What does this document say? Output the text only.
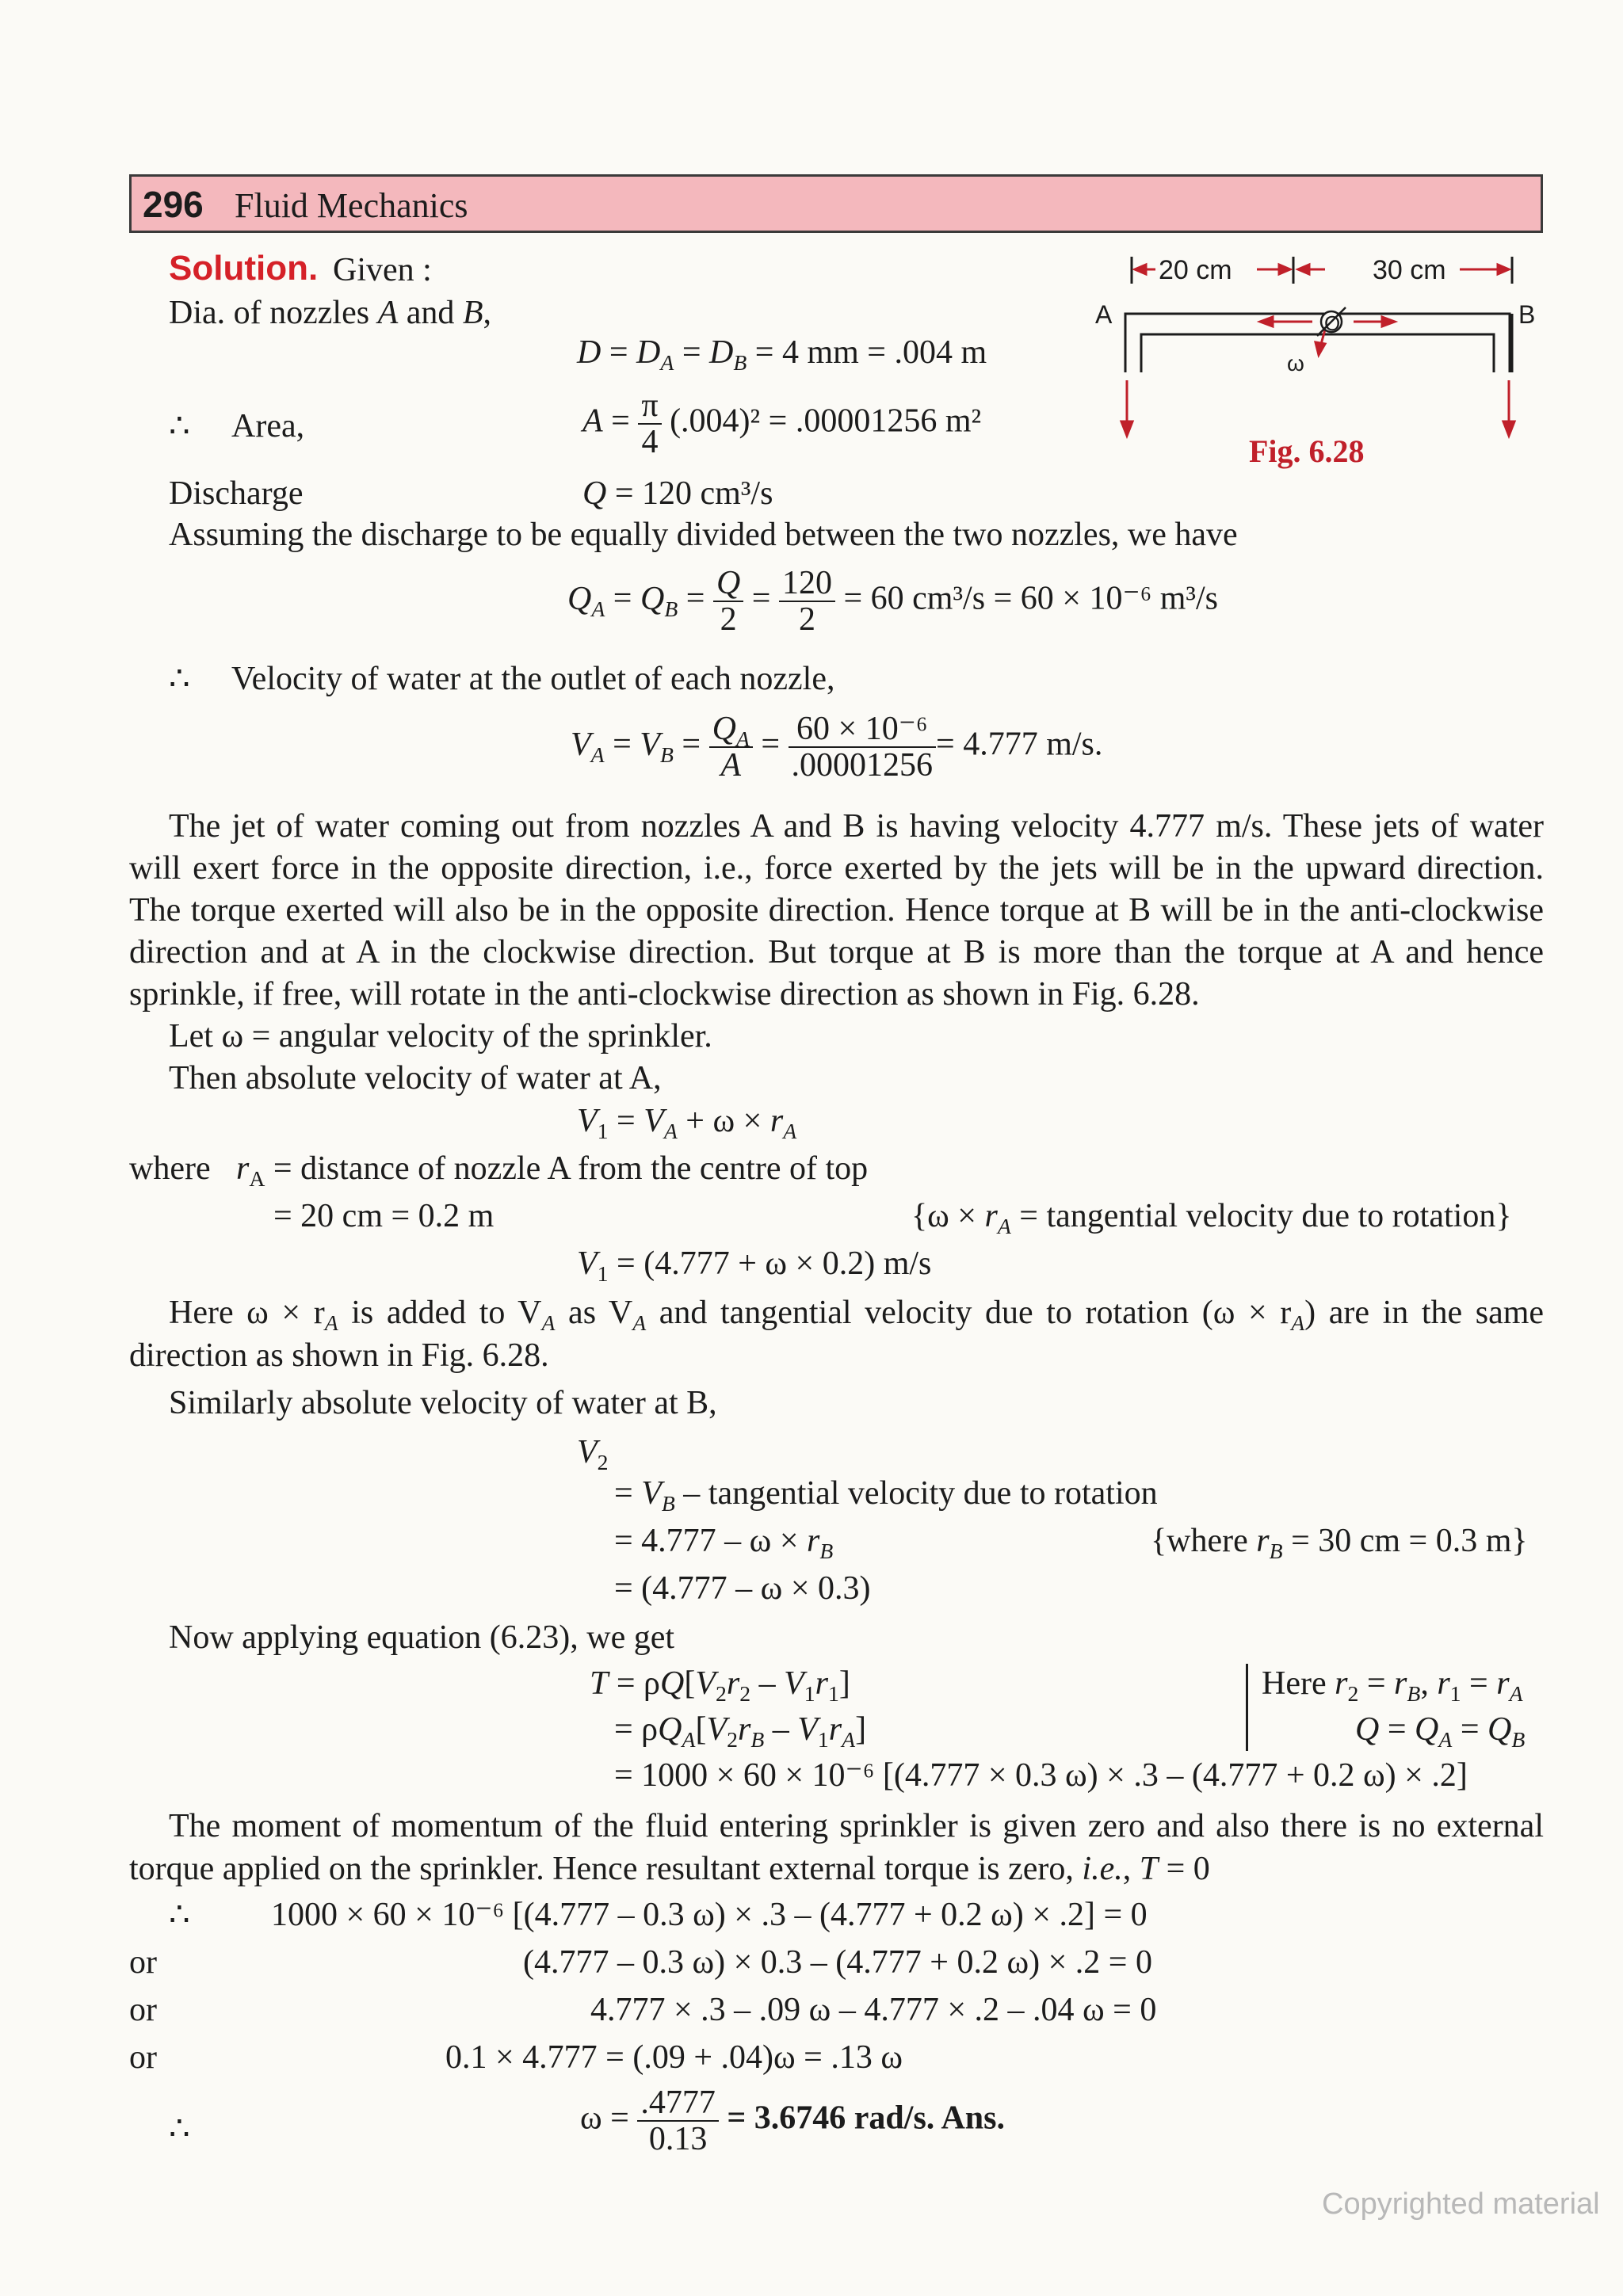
296 Fluid Mechanics
20 cm	30 cm
A	B
O
ω
Fig. 6.28
Solution. Given :
Dia. of nozzles A and B,
$D = D_A = D_B = 4$ mm = .004 m
∴ Area,	$A = \frac{\pi}{4} (.004)^2 = .00001256$ m²
Discharge	Q = 120 cm³/s
Assuming the discharge to be equally divided between the two nozzles, we have
$Q_A = Q_B = \frac{Q}{2} = \frac{120}{2} = 60$ cm³/s = 60 × 10⁻⁶ m³/s
∴ Velocity of water at the outlet of each nozzle,
$V_A = V_B = \frac{Q_A}{A} = \frac{\text{60 × 10⁻⁶}}{.00001256} = 4.777$ m/s.
The jet of water coming out from nozzles A and B is having velocity 4.777 m/s. These jets of water
will exert force in the opposite direction, i.e., force exerted by the jets will be in the upward direction.
The torque exerted will also be in the opposite direction. Hence torque at B will be in the anti-clockwise
direction and at A in the clockwise direction. But torque at B is more than the torque at A and hence
sprinkle, if free, will rotate in the anti-clockwise direction as shown in Fig. 6.28.
Let ω = angular velocity of the sprinkler.
Then absolute velocity of water at A,
$V_1 = V_A + \omega \times r_A$
where $r_A$ = distance of nozzle A from the centre of top
= 20 cm = 0.2 m	{$\omega \times r_A$ = tangential velocity due to rotation}
$V_1 = (4.777 + \omega \times 0.2)$ m/s
Here $\omega \times r_A$ is added to $V_A$ as $V_A$ and tangential velocity due to rotation $(\omega \times r_A)$ are in the same
direction as shown in Fig. 6.28.
Similarly absolute velocity of water at B,
$V_2$
= $V_B$ – tangential velocity due to rotation
= $4.777 - \omega \times r_B$	{where $r_B = 30$ cm = 0.3 m}
= (4.777 – ω × 0.3)
Now applying equation (6.23), we get
$T = \rho Q[V_2r_2 - V_1r_1]$	Here $r_2 = r_B$, $r_1 = r_A$
= $\rho Q_A[V_2r_B - V_1r_A]$	$Q = Q_A = Q_B$
= 1000 × 60 × 10⁻⁶ [(4.777 × 0.3 ω) × .3 – (4.777 + 0.2 ω) × .2]
The moment of momentum of the fluid entering sprinkler is given zero and also there is no external
torque applied on the sprinkler. Hence resultant external torque is zero, i.e., T = 0
∴ 1000 × 60 × 10⁻⁶ [(4.777 – 0.3 ω) × .3 – (4.777 + 0.2 ω) × .2] = 0
or	(4.777 – 0.3 ω) × 0.3 – (4.777 + 0.2 ω) × .2 = 0
or	4.777 × .3 – .09 ω – 4.777 × .2 – .04 ω = 0
or	0.1 × 4.777 = (.09 + .04)ω = .13 ω
∴	$\omega = \frac{.4777}{0.13} = 3.6746$ rad/s. Ans.
Copyrighted material
